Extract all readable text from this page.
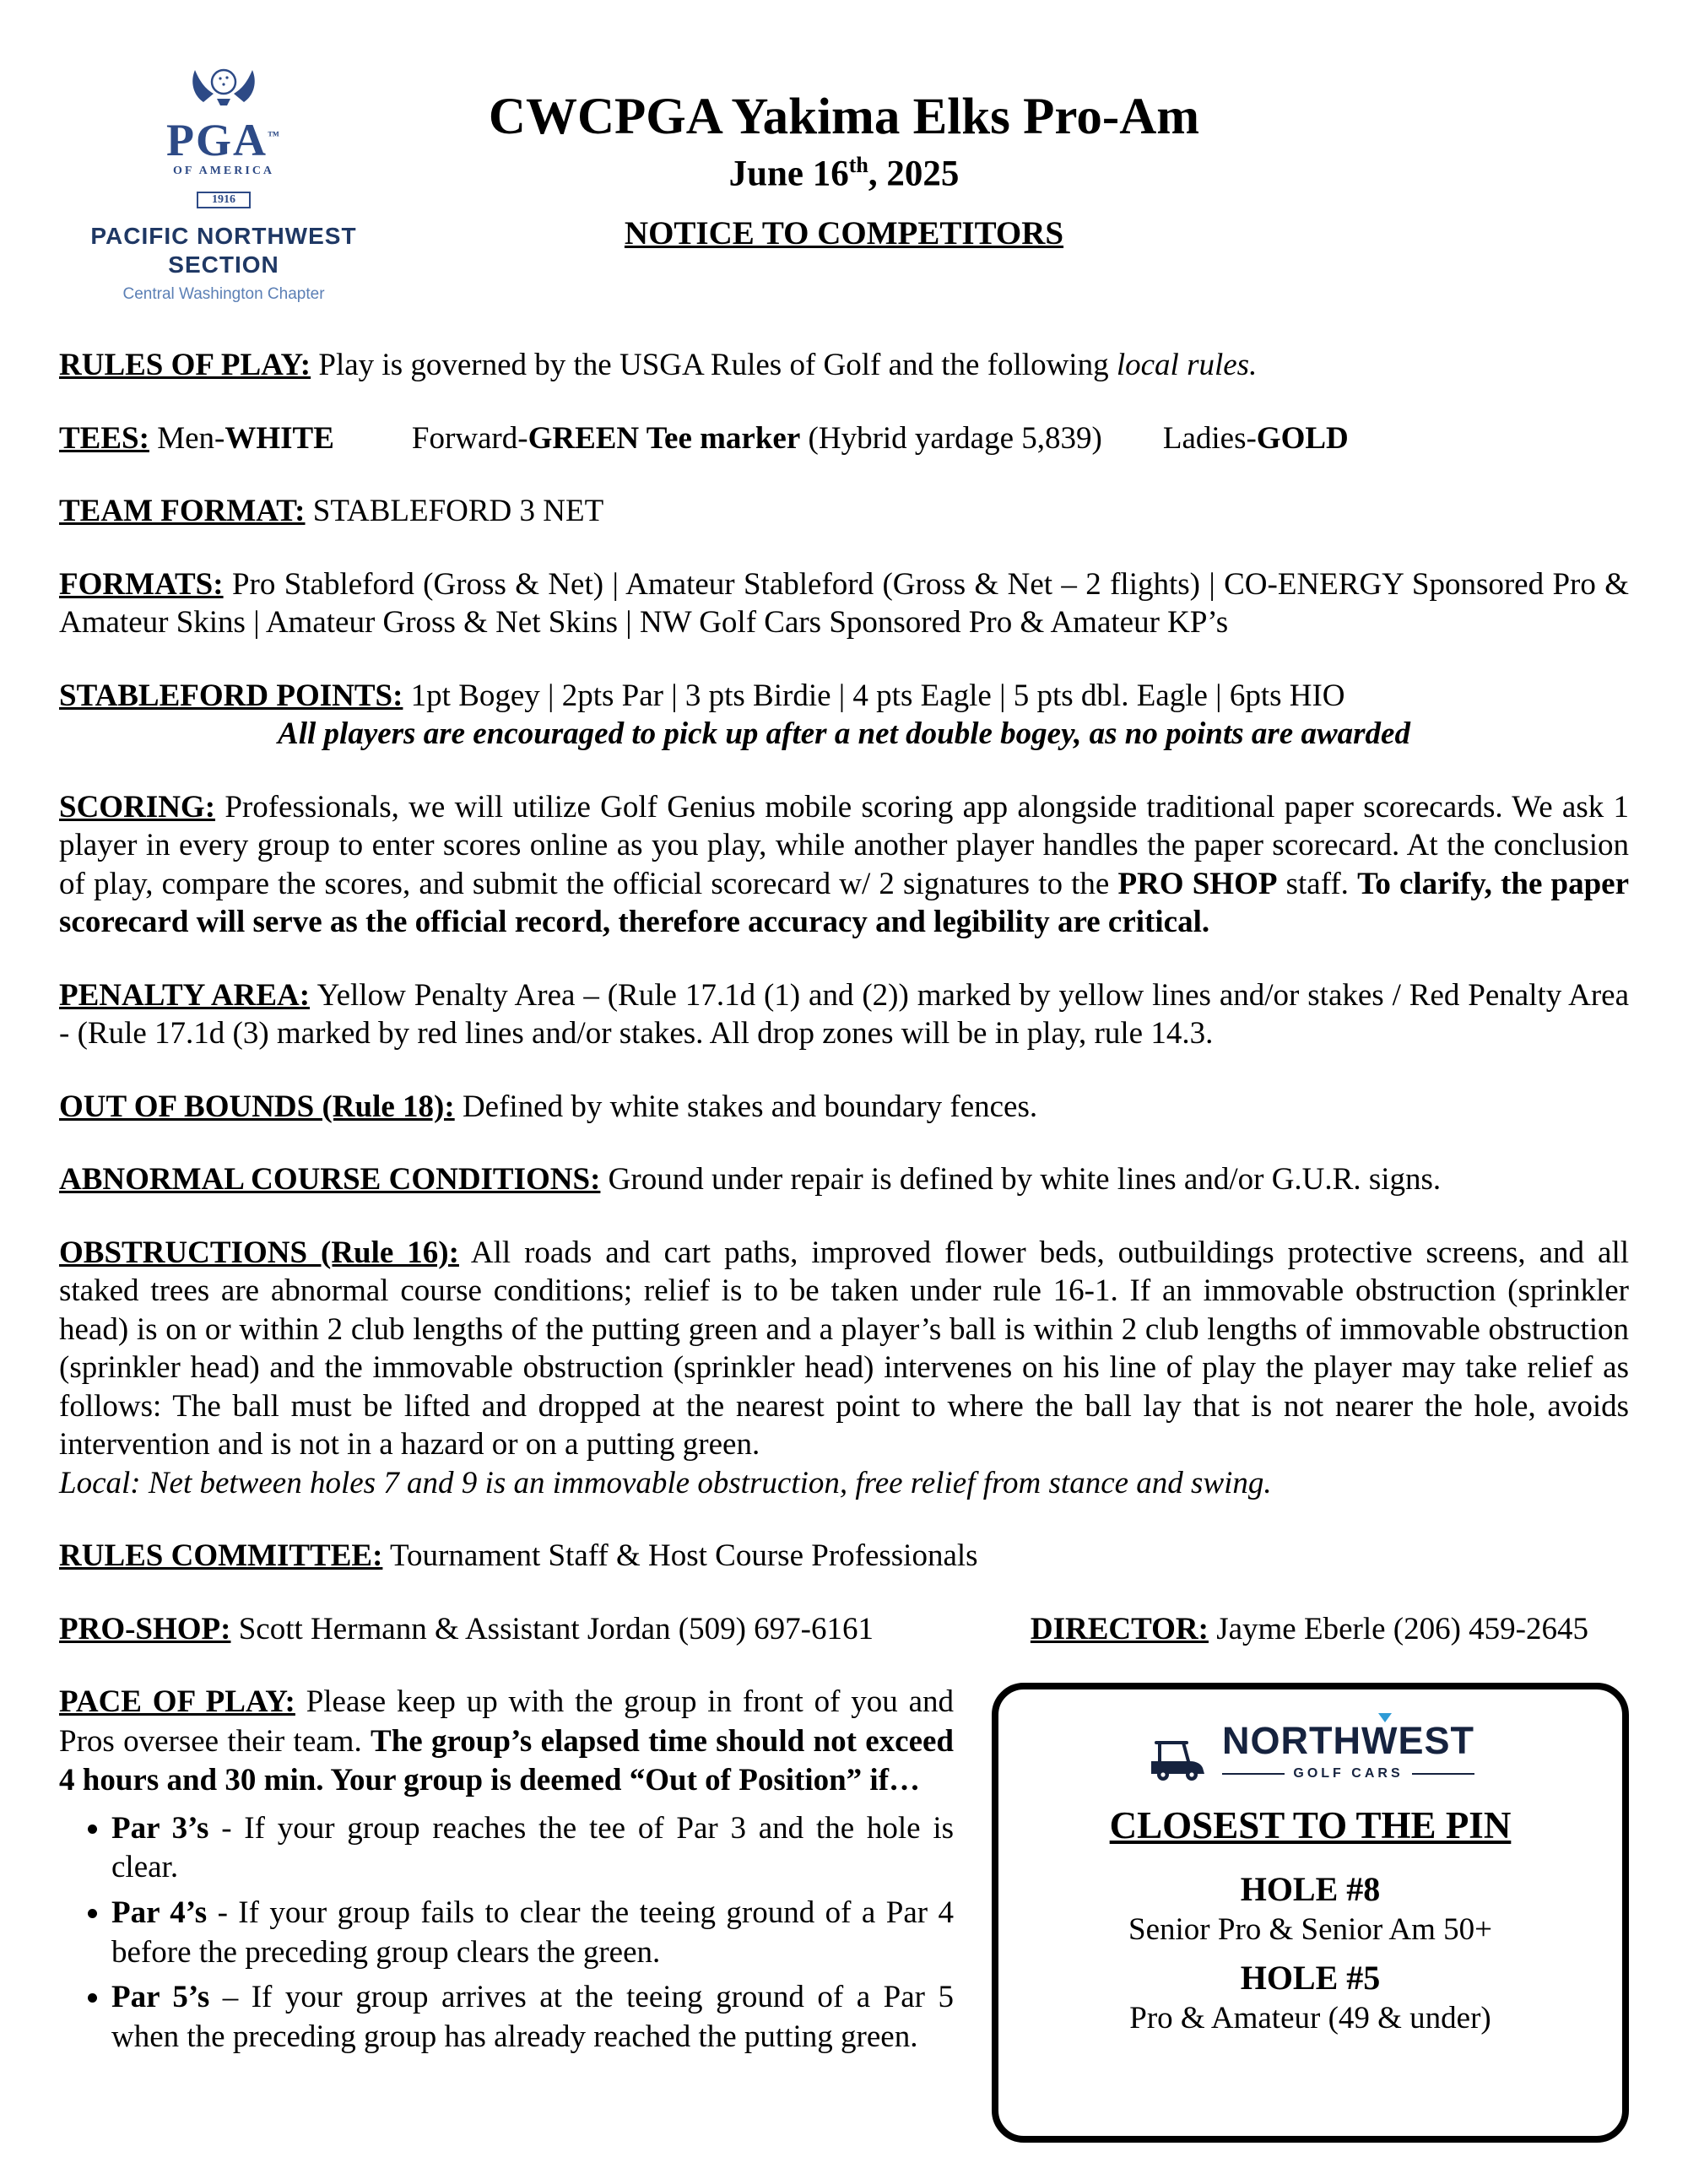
PGA™
OF AMERICA
1916
PACIFIC NORTHWEST
SECTION
Central Washington Chapter
CWCPGA Yakima Elks Pro-Am
June 16th, 2025
NOTICE TO COMPETITORS

RULES OF PLAY: Play is governed by the USGA Rules of Golf and the following local rules.

TEES: Men-WHITE Forward-GREEN Tee marker (Hybrid yardage 5,839) Ladies-GOLD

TEAM FORMAT: STABLEFORD 3 NET

FORMATS: Pro Stableford (Gross & Net) | Amateur Stableford (Gross & Net – 2 flights) | CO-ENERGY Sponsored Pro & Amateur Skins | Amateur Gross & Net Skins | NW Golf Cars Sponsored Pro & Amateur KP’s

STABLEFORD POINTS: 1pt Bogey | 2pts Par | 3 pts Birdie | 4 pts Eagle | 5 pts dbl. Eagle | 6pts HIO
All players are encouraged to pick up after a net double bogey, as no points are awarded

SCORING: Professionals, we will utilize Golf Genius mobile scoring app alongside traditional paper scorecards. We ask 1 player in every group to enter scores online as you play, while another player handles the paper scorecard. At the conclusion of play, compare the scores, and submit the official scorecard w/ 2 signatures to the PRO SHOP staff. To clarify, the paper scorecard will serve as the official record, therefore accuracy and legibility are critical.

PENALTY AREA: Yellow Penalty Area – (Rule 17.1d (1) and (2)) marked by yellow lines and/or stakes / Red Penalty Area - (Rule 17.1d (3) marked by red lines and/or stakes. All drop zones will be in play, rule 14.3.

OUT OF BOUNDS (Rule 18): Defined by white stakes and boundary fences.

ABNORMAL COURSE CONDITIONS: Ground under repair is defined by white lines and/or G.U.R. signs.

OBSTRUCTIONS (Rule 16): All roads and cart paths, improved flower beds, outbuildings protective screens, and all staked trees are abnormal course conditions; relief is to be taken under rule 16-1. If an immovable obstruction (sprinkler head) is on or within 2 club lengths of the putting green and a player’s ball is within 2 club lengths of immovable obstruction (sprinkler head) and the immovable obstruction (sprinkler head) intervenes on his line of play the player may take relief as follows: The ball must be lifted and dropped at the nearest point to where the ball lay that is not nearer the hole, avoids intervention and is not in a hazard or on a putting green.
Local: Net between holes 7 and 9 is an immovable obstruction, free relief from stance and swing.

RULES COMMITTEE: Tournament Staff & Host Course Professionals

PRO-SHOP: Scott Hermann & Assistant Jordan (509) 697-6161	DIRECTOR: Jayme Eberle (206) 459-2645

PACE OF PLAY: Please keep up with the group in front of you and Pros oversee their team. The group’s elapsed time should not exceed 4 hours and 30 min. Your group is deemed “Out of Position” if…

• Par 3’s - If your group reaches the tee of Par 3 and the hole is clear.
• Par 4’s - If your group fails to clear the teeing ground of a Par 4 before the preceding group clears the green.
• Par 5’s – If your group arrives at the teeing ground of a Par 5 when the preceding group has already reached the putting green.
NORTHWEST
GOLF CARS
CLOSEST TO THE PIN
HOLE #8
Senior Pro & Senior Am 50+
HOLE #5
Pro & Amateur (49 & under)
